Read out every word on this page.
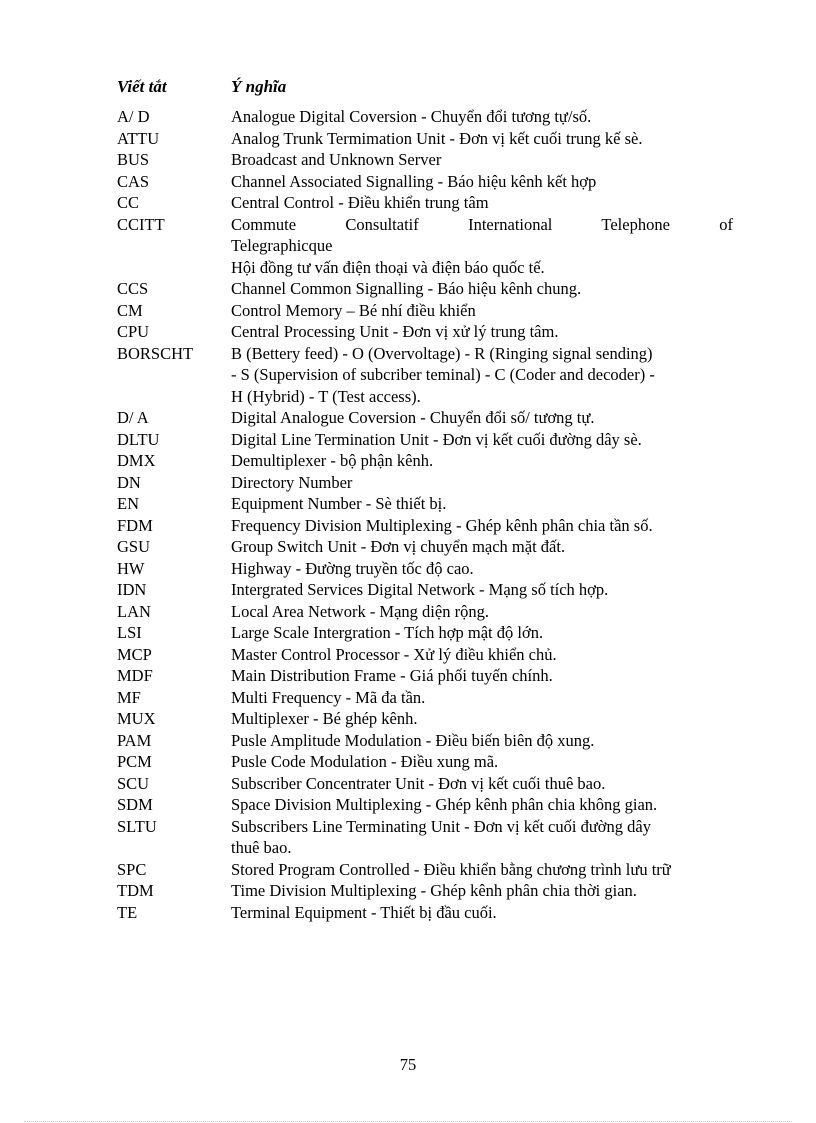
Viết tắt	Ý nghĩa
A/ D	Analogue Digital Coversion - Chuyển đổi tương tự/số.
ATTU	Analog Trunk Termimation Unit - Đơn vị kết cuối trung kế sè.
BUS	Broadcast and Unknown Server
CAS	Channel Associated Signalling - Báo hiệu kênh kết hợp
CC	Central Control - Điều khiển trung tâm
CCITT	Commute Consultatif International Telephone of
Telegraphicque
Hội đồng tư vấn điện thoại và điện báo quốc tế.
CCS	Channel Common Signalling - Báo hiệu kênh chung.
CM	Control Memory – Bé nhí điều khiển
CPU	Central Processing Unit - Đơn vị xử lý trung tâm.
BORSCHT	B (Bettery feed) - O (Overvoltage) - R (Ringing signal sending)
- S (Supervision of subcriber teminal) - C (Coder and decoder) -
H (Hybrid) - T (Test access).
D/ A	Digital Analogue Coversion - Chuyển đổi số/ tương tự.
DLTU	Digital Line Termination Unit - Đơn vị kết cuối đường dây sè.
DMX	Demultiplexer - bộ phận kênh.
DN	Directory Number
EN	Equipment Number - Sè thiết bị.
FDM	Frequency Division Multiplexing - Ghép kênh phân chia tần số.
GSU	Group Switch Unit - Đơn vị chuyển mạch mặt đất.
HW	Highway - Đường truyền tốc độ cao.
IDN	Intergrated Services Digital Network - Mạng số tích hợp.
LAN	Local Area Network - Mạng diện rộng.
LSI	Large Scale Intergration - Tích hợp mật độ lớn.
MCP	Master Control Processor - Xử lý điều khiển chủ.
MDF	Main Distribution Frame - Giá phối tuyến chính.
MF	Multi Frequency - Mã đa tần.
MUX	Multiplexer - Bé ghép kênh.
PAM	Pusle Amplitude Modulation - Điều biến biên độ xung.
PCM	Pusle Code Modulation - Điều xung mã.
SCU	Subscriber Concentrater Unit - Đơn vị kết cuối thuê bao.
SDM	Space Division Multiplexing - Ghép kênh phân chia không gian.
SLTU	Subscribers Line Terminating Unit - Đơn vị kết cuối đường dây
thuê bao.
SPC	Stored Program Controlled - Điều khiển bằng chương trình lưu trữ
TDM	Time Division Multiplexing - Ghép kênh phân chia thời gian.
TE	Terminal Equipment - Thiết bị đầu cuối.
75
